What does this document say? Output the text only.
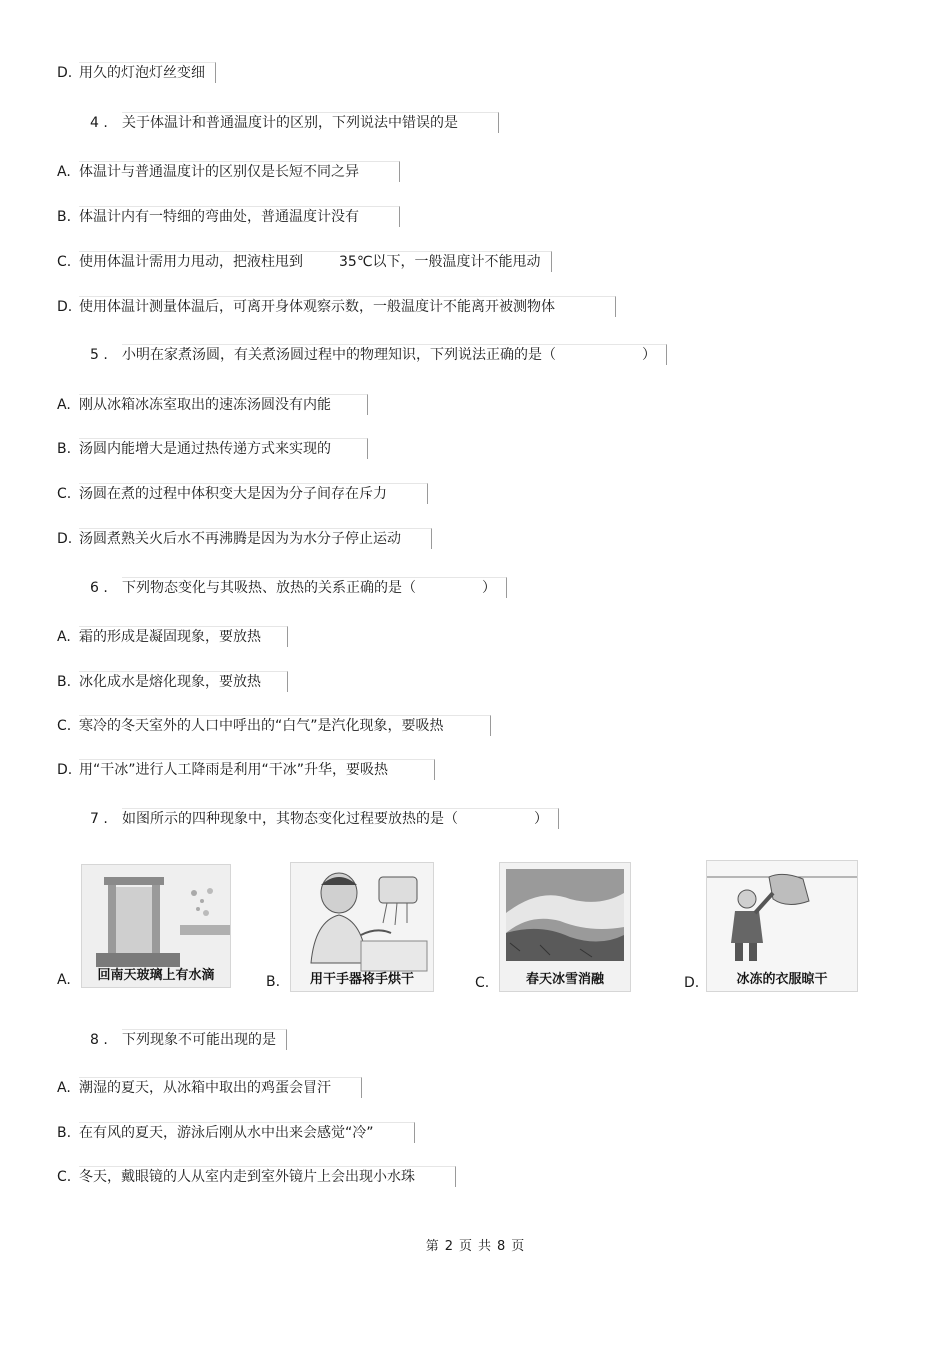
D. 用久的灯泡灯丝变细
4 . 关于体温计和普通温度计的区别，下列说法中错误的是
A. 体温计与普通温度计的区别仅是长短不同之异
B. 体温计内有一特细的弯曲处，普通温度计没有
C. 使用体温计需用力甩动，把液柱甩到	35℃以下，一般温度计不能甩动
D. 使用体温计测量体温后，可离开身体观察示数，一般温度计不能离开被测物体
5 . 小明在家煮汤圆，有关煮汤圆过程中的物理知识，下列说法正确的是（	）
A. 刚从冰箱冰冻室取出的速冻汤圆没有内能
B. 汤圆内能增大是通过热传递方式来实现的
C. 汤圆在煮的过程中体积变大是因为分子间存在斥力
D. 汤圆煮熟关火后水不再沸腾是因为为水分子停止运动
6 . 下列物态变化与其吸热、放热的关系正确的是（	）
A. 霜的形成是凝固现象，要放热
B. 冰化成水是熔化现象，要放热
C. 寒冷的冬天室外的人口中呼出的“白气”是汽化现象，要吸热
D. 用“干冰”进行人工降雨是利用“干冰”升华，要吸热
7 . 如图所示的四种现象中，其物态变化过程要放热的是（	）
A.	回南天玻璃上有水滴	B.	用干手器将手烘干	C.	春天冰雪消融	D.	冰冻的衣服晾干
8 . 下列现象不可能出现的是
A. 潮湿的夏天，从冰箱中取出的鸡蛋会冒汗
B. 在有风的夏天，游泳后刚从水中出来会感觉“冷”
C. 冬天，戴眼镜的人从室内走到室外镜片上会出现小水珠
第 2 页 共 8 页
